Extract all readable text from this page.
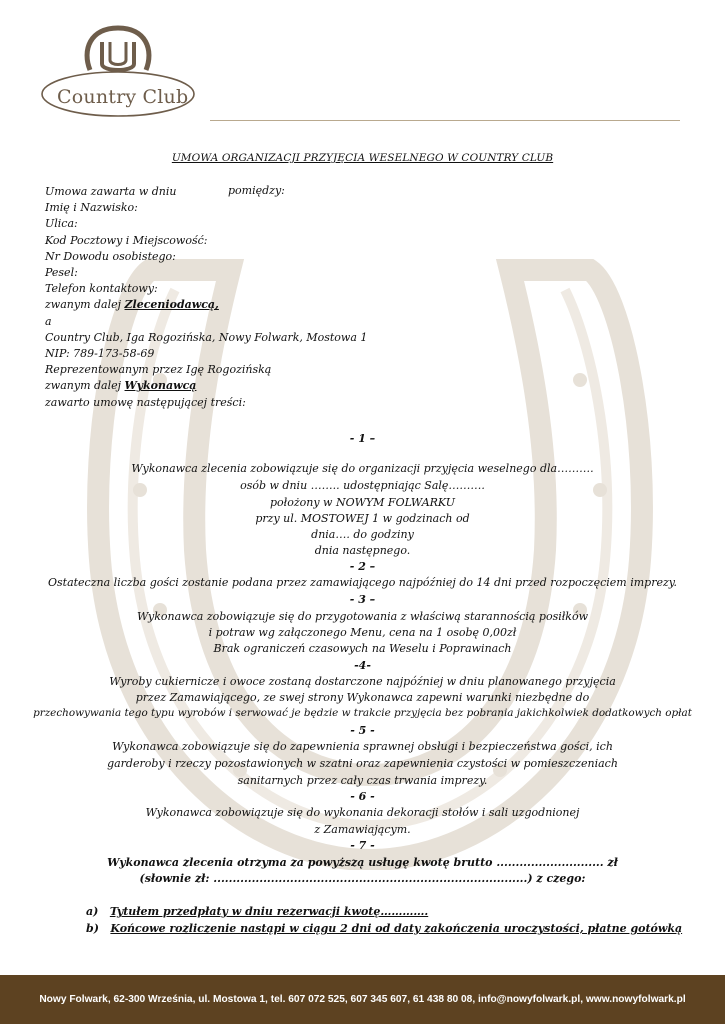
Country Club
UMOWA ORGANIZACJI PRZYJĘCIA WESELNEGO W COUNTRY CLUB
Umowa zawarta w dniu
Imię i Nazwisko:
Ulica:
Kod Pocztowy i Miejscowość:
Nr Dowodu osobistego:
Pesel:
Telefon kontaktowy:
zwanym dalej Zleceniodawcą,
a
Country Club, Iga Rogozińska, Nowy Folwark, Mostowa 1
NIP: 789-173-58-69
Reprezentowanym przez Igę Rogozińską
zwanym dalej Wykonawcą
zawarto umowę następującej treści:
pomiędzy:
- 1 –
Wykonawca zlecenia zobowiązuje się do organizacji przyjęcia weselnego dla……….
osób w dniu …….. udostępniając Salę……….
położony w NOWYM FOLWARKU
przy ul. MOSTOWEJ 1 w godzinach od
dnia…. do godziny
dnia następnego.
- 2 –
Ostateczna liczba gości zostanie podana przez zamawiającego najpóźniej do 14 dni przed rozpoczęciem imprezy.
- 3 –
Wykonawca zobowiązuje się do przygotowania z właściwą starannością posiłków
i potraw wg załączonego Menu, cena na 1 osobę 0,00zł
Brak ograniczeń czasowych na Weselu i Poprawinach
-4-
Wyroby cukiernicze i owoce zostaną dostarczone najpóźniej w dniu planowanego przyjęcia
przez Zamawiającego, ze swej strony Wykonawca zapewni warunki niezbędne do
przechowywania tego typu wyrobów i serwować je będzie w trakcie przyjęcia bez pobrania jakichkolwiek dodatkowych opłat
- 5 -
Wykonawca zobowiązuje się do zapewnienia sprawnej obsługi i bezpieczeństwa gości, ich
garderoby i rzeczy pozostawionych w szatni oraz zapewnienia czystości w pomieszczeniach
sanitarnych przez cały czas trwania imprezy.
- 6 -
Wykonawca zobowiązuje się do wykonania dekoracji stołów i sali uzgodnionej
z Zamawiającym.
- 7 -
Wykonawca zlecenia otrzyma za powyższą usługę kwotę brutto ............................ zł
(słownie zł: ..................................................................................) z czego:
a) Tytułem przedpłaty w dniu rezerwacji kwotę………….
b) Końcowe rozliczenie nastąpi w ciągu 2 dni od daty zakończenia uroczystości, płatne gotówką
Nowy Folwark, 62-300 Września, ul. Mostowa 1, tel. 607 072 525, 607 345 607, 61 438 80 08, info@nowyfolwark.pl, www.nowyfolwark.pl
